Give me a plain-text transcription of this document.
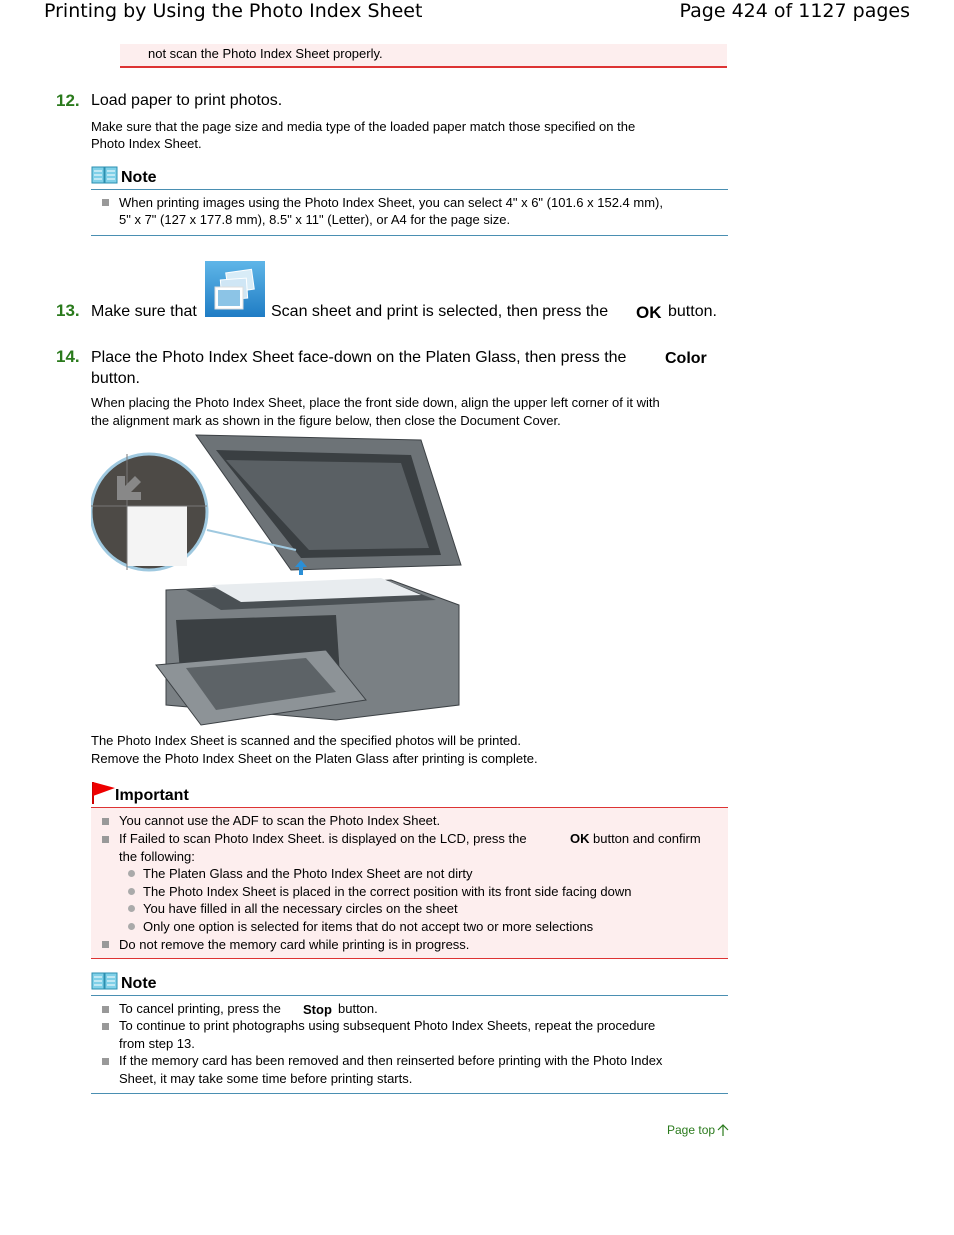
Printing by Using the Photo Index Sheet	Page 424 of 1127 pages
not scan the Photo Index Sheet properly.
12. Load paper to print photos.
Make sure that the page size and media type of the loaded paper match those specified on the
Photo Index Sheet.
Note
When printing images using the Photo Index Sheet, you can select 4" x 6" (101.6 x 152.4 mm),
5" x 7" (127 x 177.8 mm), 8.5" x 11" (Letter), or A4 for the page size.
13. Make sure that	Scan sheet and print is selected, then press the OK button.
14. Place the Photo Index Sheet face-down on the Platen Glass, then press the Color
button.
When placing the Photo Index Sheet, place the front side down, align the upper left corner of it with
the alignment mark as shown in the figure below, then close the Document Cover.
The Photo Index Sheet is scanned and the specified photos will be printed.
Remove the Photo Index Sheet on the Platen Glass after printing is complete.
Important
You cannot use the ADF to scan the Photo Index Sheet.
If Failed to scan Photo Index Sheet. is displayed on the LCD, press the	OK button and confirm
the following:
The Platen Glass and the Photo Index Sheet are not dirty
The Photo Index Sheet is placed in the correct position with its front side facing down
You have filled in all the necessary circles on the sheet
Only one option is selected for items that do not accept two or more selections
Do not remove the memory card while printing is in progress.
Note
To cancel printing, press the Stop button.
To continue to print photographs using subsequent Photo Index Sheets, repeat the procedure
from step 13.
If the memory card has been removed and then reinserted before printing with the Photo Index
Sheet, it may take some time before printing starts.
Page top
